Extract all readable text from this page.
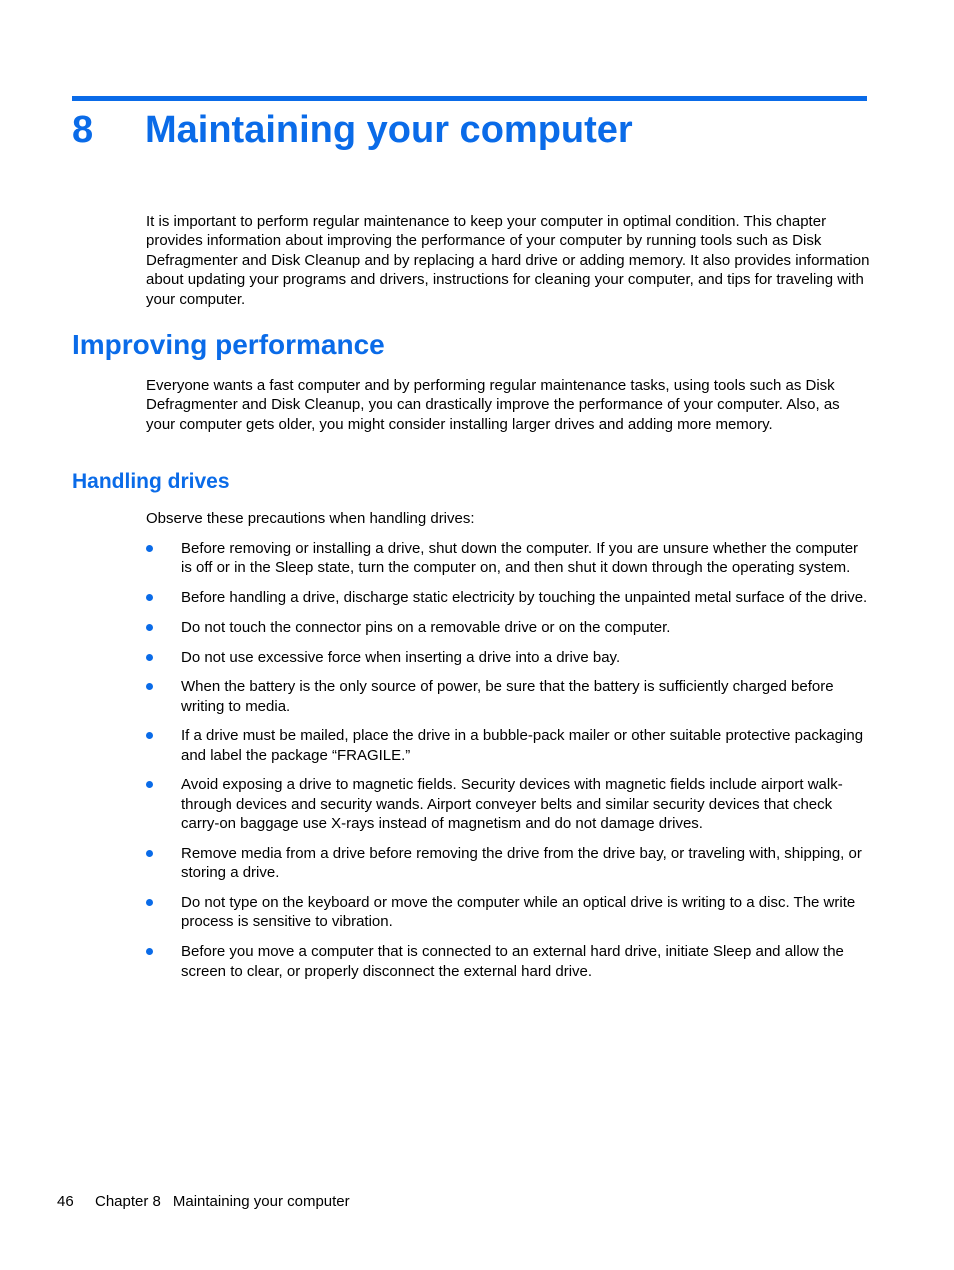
8 Maintaining your computer

It is important to perform regular maintenance to keep your computer in optimal condition. This chapter provides information about improving the performance of your computer by running tools such as Disk Defragmenter and Disk Cleanup and by replacing a hard drive or adding memory. It also provides information about updating your programs and drivers, instructions for cleaning your computer, and tips for traveling with your computer.

Improving performance

Everyone wants a fast computer and by performing regular maintenance tasks, using tools such as Disk Defragmenter and Disk Cleanup, you can drastically improve the performance of your computer. Also, as your computer gets older, you might consider installing larger drives and adding more memory.

Handling drives

Observe these precautions when handling drives:

Before removing or installing a drive, shut down the computer. If you are unsure whether the computer is off or in the Sleep state, turn the computer on, and then shut it down through the operating system.
Before handling a drive, discharge static electricity by touching the unpainted metal surface of the drive.
Do not touch the connector pins on a removable drive or on the computer.
Do not use excessive force when inserting a drive into a drive bay.
When the battery is the only source of power, be sure that the battery is sufficiently charged before writing to media.
If a drive must be mailed, place the drive in a bubble-pack mailer or other suitable protective packaging and label the package “FRAGILE.”
Avoid exposing a drive to magnetic fields. Security devices with magnetic fields include airport walk-through devices and security wands. Airport conveyer belts and similar security devices that check carry-on baggage use X-rays instead of magnetism and do not damage drives.
Remove media from a drive before removing the drive from the drive bay, or traveling with, shipping, or storing a drive.
Do not type on the keyboard or move the computer while an optical drive is writing to a disc. The write process is sensitive to vibration.
Before you move a computer that is connected to an external hard drive, initiate Sleep and allow the screen to clear, or properly disconnect the external hard drive.
46 Chapter 8 Maintaining your computer
